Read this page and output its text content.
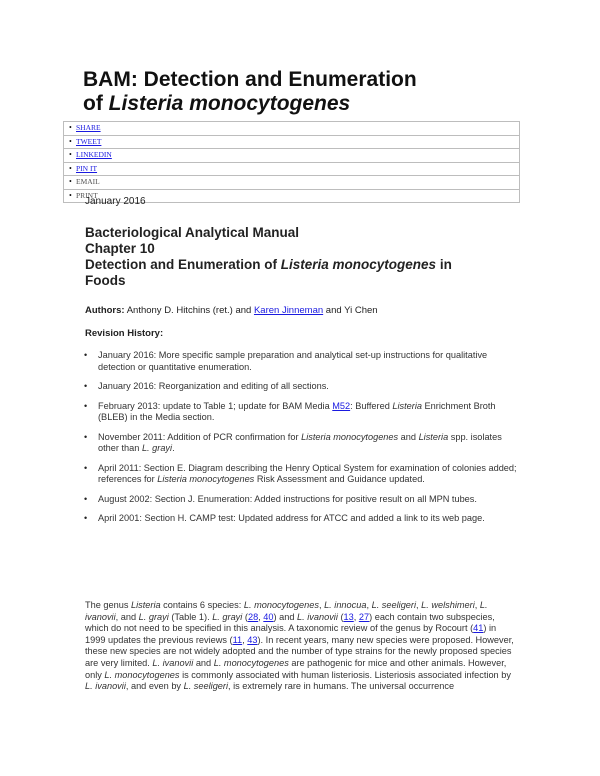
BAM: Detection and Enumeration
of Listeria monocytogenes
• SHARE
• TWEET
• LINKEDIN
• PIN IT
• EMAIL
• PRINT

January 2016

Bacteriological Analytical Manual
Chapter 10
Detection and Enumeration of Listeria monocytogenes in
Foods

Authors: Anthony D. Hitchins (ret.) and Karen Jinneman and Yi Chen

Revision History:

• January 2016: More specific sample preparation and analytical set-up instructions for qualitative detection or quantitative enumeration.
• January 2016: Reorganization and editing of all sections.
• February 2013: update to Table 1; update for BAM Media M52: Buffered Listeria Enrichment Broth (BLEB) in the Media section.
• November 2011: Addition of PCR confirmation for Listeria monocytogenes and Listeria spp. isolates other than L. grayi.
• April 2011: Section E. Diagram describing the Henry Optical System for examination of colonies added; references for Listeria monocytogenes Risk Assessment and Guidance updated.
• August 2002: Section J. Enumeration: Added instructions for positive result on all MPN tubes.
• April 2001: Section H. CAMP test: Updated address for ATCC and added a link to its web page.

The genus Listeria contains 6 species: L. monocytogenes, L. innocua, L. seeligeri, L. welshimeri, L. ivanovii, and L. grayi (Table 1). L. grayi (28, 40) and L. ivanovii (13, 27) each contain two subspecies, which do not need to be specified in this analysis. A taxonomic review of the genus by Rocourt (41) in 1999 updates the previous reviews (11, 43). In recent years, many new species were proposed. However, these new species are not widely adopted and the number of type strains for the newly proposed species are very limited. L. ivanovii and L. monocytogenes are pathogenic for mice and other animals. However, only L. monocytogenes is commonly associated with human listeriosis. Listeriosis associated infection by L. ivanovii, and even by L. seeligeri, is extremely rare in humans. The universal occurrence
